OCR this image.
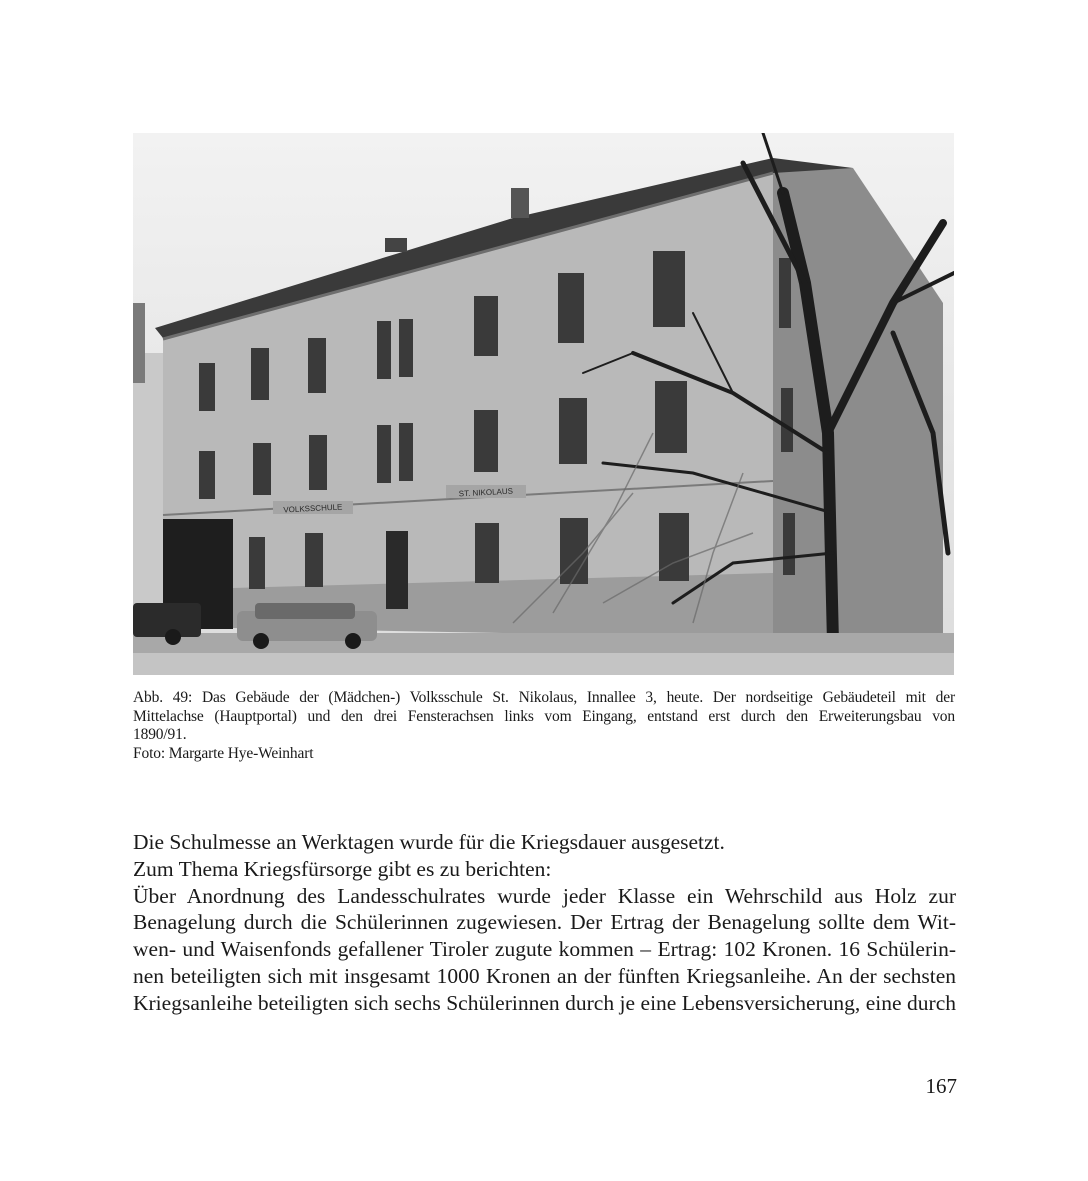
VOLKSSCHULE
ST. NIKOLAUS
Abb. 49: Das Gebäude der (Mädchen-) Volksschule St. Nikolaus, Innallee 3, heute. Der nordseitige Gebäudeteil mit der
Mittelachse (Hauptportal) und den drei Fensterachsen links vom Eingang, entstand erst durch den Erweiterungsbau von
1890/91.
Foto: Margarte Hye-Weinhart
Die Schulmesse an Werktagen wurde für die Kriegsdauer ausgesetzt.
Zum Thema Kriegsfürsorge gibt es zu berichten:
Über Anordnung des Landesschulrates wurde jeder Klasse ein Wehrschild aus Holz zur
Benagelung durch die Schülerinnen zugewiesen. Der Ertrag der Benagelung sollte dem Wit-
wen- und Waisenfonds gefallener Tiroler zugute kommen – Ertrag: 102 Kronen. 16 Schülerin-
nen beteiligten sich mit insgesamt 1000 Kronen an der fünften Kriegsanleihe. An der sechsten
Kriegsanleihe beteiligten sich sechs Schülerinnen durch je eine Lebensversicherung, eine durch
167
